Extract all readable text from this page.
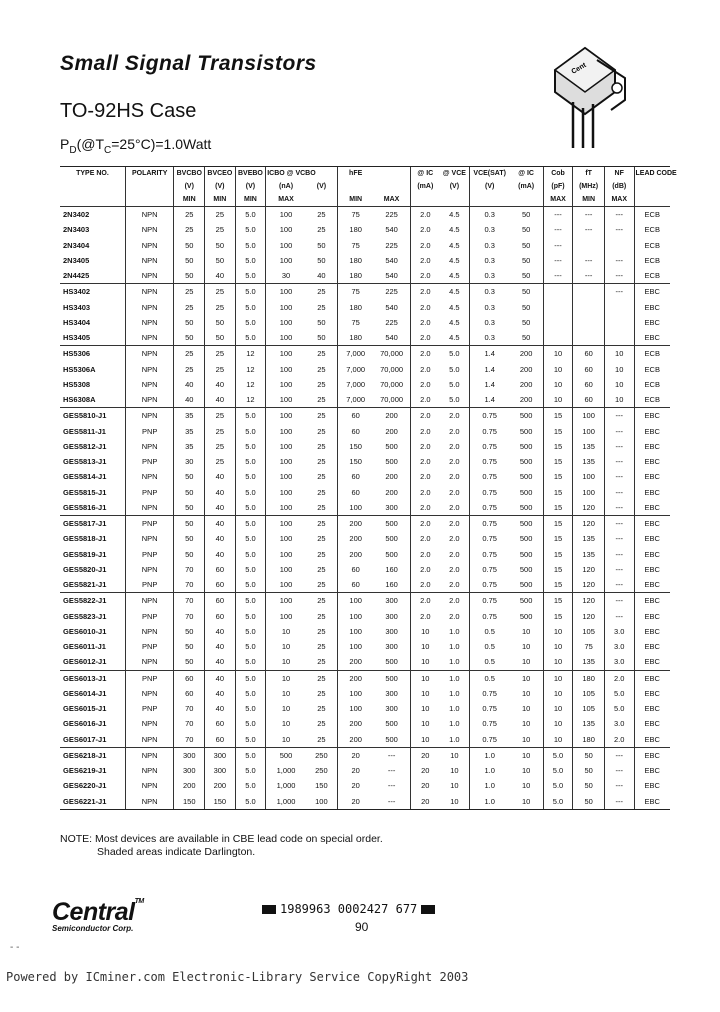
Small Signal Transistors
TO-92HS Case
$P_D(@T_C=25^\circ C)=1.0Watt$
Cent
TYPE NO.	POLARITY	BVCBO	BVCEO	BVEBO	ICBO @ VCBO		hFE		@ IC	@ VCE	VCE(SAT)	@ IC	Cob	fT	NF	LEAD CODE
		(V)	(V)	(V)	(nA)	(V)			(mA)	(V)	(V)	(mA)	(pF)	(MHz)	(dB)	
		MIN	MIN	MIN	MAX		MIN	MAX					MAX	MIN	MAX	
2N3402	NPN	25	25	5.0	100	25	75	225	2.0	4.5	0.3	50	---	---	---	ECB
2N3403	NPN	25	25	5.0	100	25	180	540	2.0	4.5	0.3	50	---	---	---	ECB
2N3404	NPN	50	50	5.0	100	50	75	225	2.0	4.5	0.3	50	---			ECB
2N3405	NPN	50	50	5.0	100	50	180	540	2.0	4.5	0.3	50	---	---	---	ECB
2N4425	NPN	50	40	5.0	30	40	180	540	2.0	4.5	0.3	50	---	---	---	ECB
HS3402	NPN	25	25	5.0	100	25	75	225	2.0	4.5	0.3	50			---	EBC
HS3403	NPN	25	25	5.0	100	25	180	540	2.0	4.5	0.3	50				EBC
HS3404	NPN	50	50	5.0	100	50	75	225	2.0	4.5	0.3	50				EBC
HS3405	NPN	50	50	5.0	100	50	180	540	2.0	4.5	0.3	50				EBC
HS5306	NPN	25	25	12	100	25	7,000	70,000	2.0	5.0	1.4	200	10	60	10	ECB
HS5306A	NPN	25	25	12	100	25	7,000	70,000	2.0	5.0	1.4	200	10	60	10	ECB
HS5308	NPN	40	40	12	100	25	7,000	70,000	2.0	5.0	1.4	200	10	60	10	ECB
HS6308A	NPN	40	40	12	100	25	7,000	70,000	2.0	5.0	1.4	200	10	60	10	ECB
GES5810-J1	NPN	35	25	5.0	100	25	60	200	2.0	2.0	0.75	500	15	100	---	EBC
GES5811-J1	PNP	35	25	5.0	100	25	60	200	2.0	2.0	0.75	500	15	100	---	EBC
GES5812-J1	NPN	35	25	5.0	100	25	150	500	2.0	2.0	0.75	500	15	135	---	EBC
GES5813-J1	PNP	30	25	5.0	100	25	150	500	2.0	2.0	0.75	500	15	135	---	EBC
GES5814-J1	NPN	50	40	5.0	100	25	60	200	2.0	2.0	0.75	500	15	100	---	EBC
GES5815-J1	PNP	50	40	5.0	100	25	60	200	2.0	2.0	0.75	500	15	100	---	EBC
GES5816-J1	NPN	50	40	5.0	100	25	100	300	2.0	2.0	0.75	500	15	120	---	EBC
GES5817-J1	PNP	50	40	5.0	100	25	200	500	2.0	2.0	0.75	500	15	120	---	EBC
GES5818-J1	NPN	50	40	5.0	100	25	200	500	2.0	2.0	0.75	500	15	135	---	EBC
GES5819-J1	PNP	50	40	5.0	100	25	200	500	2.0	2.0	0.75	500	15	135	---	EBC
GES5820-J1	NPN	70	60	5.0	100	25	60	160	2.0	2.0	0.75	500	15	120	---	EBC
GES5821-J1	PNP	70	60	5.0	100	25	60	160	2.0	2.0	0.75	500	15	120	---	EBC
GES5822-J1	NPN	70	60	5.0	100	25	100	300	2.0	2.0	0.75	500	15	120	---	EBC
GES5823-J1	PNP	70	60	5.0	100	25	100	300	2.0	2.0	0.75	500	15	120	---	EBC
GES6010-J1	NPN	50	40	5.0	10	25	100	300	10	1.0	0.5	10	10	105	3.0	EBC
GES6011-J1	PNP	50	40	5.0	10	25	100	300	10	1.0	0.5	10	10	75	3.0	EBC
GES6012-J1	NPN	50	40	5.0	10	25	200	500	10	1.0	0.5	10	10	135	3.0	EBC
GES6013-J1	PNP	60	40	5.0	10	25	200	500	10	1.0	0.5	10	10	180	2.0	EBC
GES6014-J1	NPN	60	40	5.0	10	25	100	300	10	1.0	0.75	10	10	105	5.0	EBC
GES6015-J1	PNP	70	40	5.0	10	25	100	300	10	1.0	0.75	10	10	105	5.0	EBC
GES6016-J1	NPN	70	60	5.0	10	25	200	500	10	1.0	0.75	10	10	135	3.0	EBC
GES6017-J1	NPN	70	60	5.0	10	25	200	500	10	1.0	0.75	10	10	180	2.0	EBC
GES6218-J1	NPN	300	300	5.0	500	250	20	---	20	10	1.0	10	5.0	50	---	EBC
GES6219-J1	NPN	300	300	5.0	1,000	250	20	---	20	10	1.0	10	5.0	50	---	EBC
GES6220-J1	NPN	200	200	5.0	1,000	150	20	---	20	10	1.0	10	5.0	50	---	EBC
GES6221-J1	NPN	150	150	5.0	1,000	100	20	---	20	10	1.0	10	5.0	50	---	EBC
NOTE: Most devices are available in CBE lead code on special order.
Shaded areas indicate Darlington.
Central™
Semiconductor Corp.
1989963 0002427 677
90
- -
Powered by ICminer.com Electronic-Library Service CopyRight 2003
